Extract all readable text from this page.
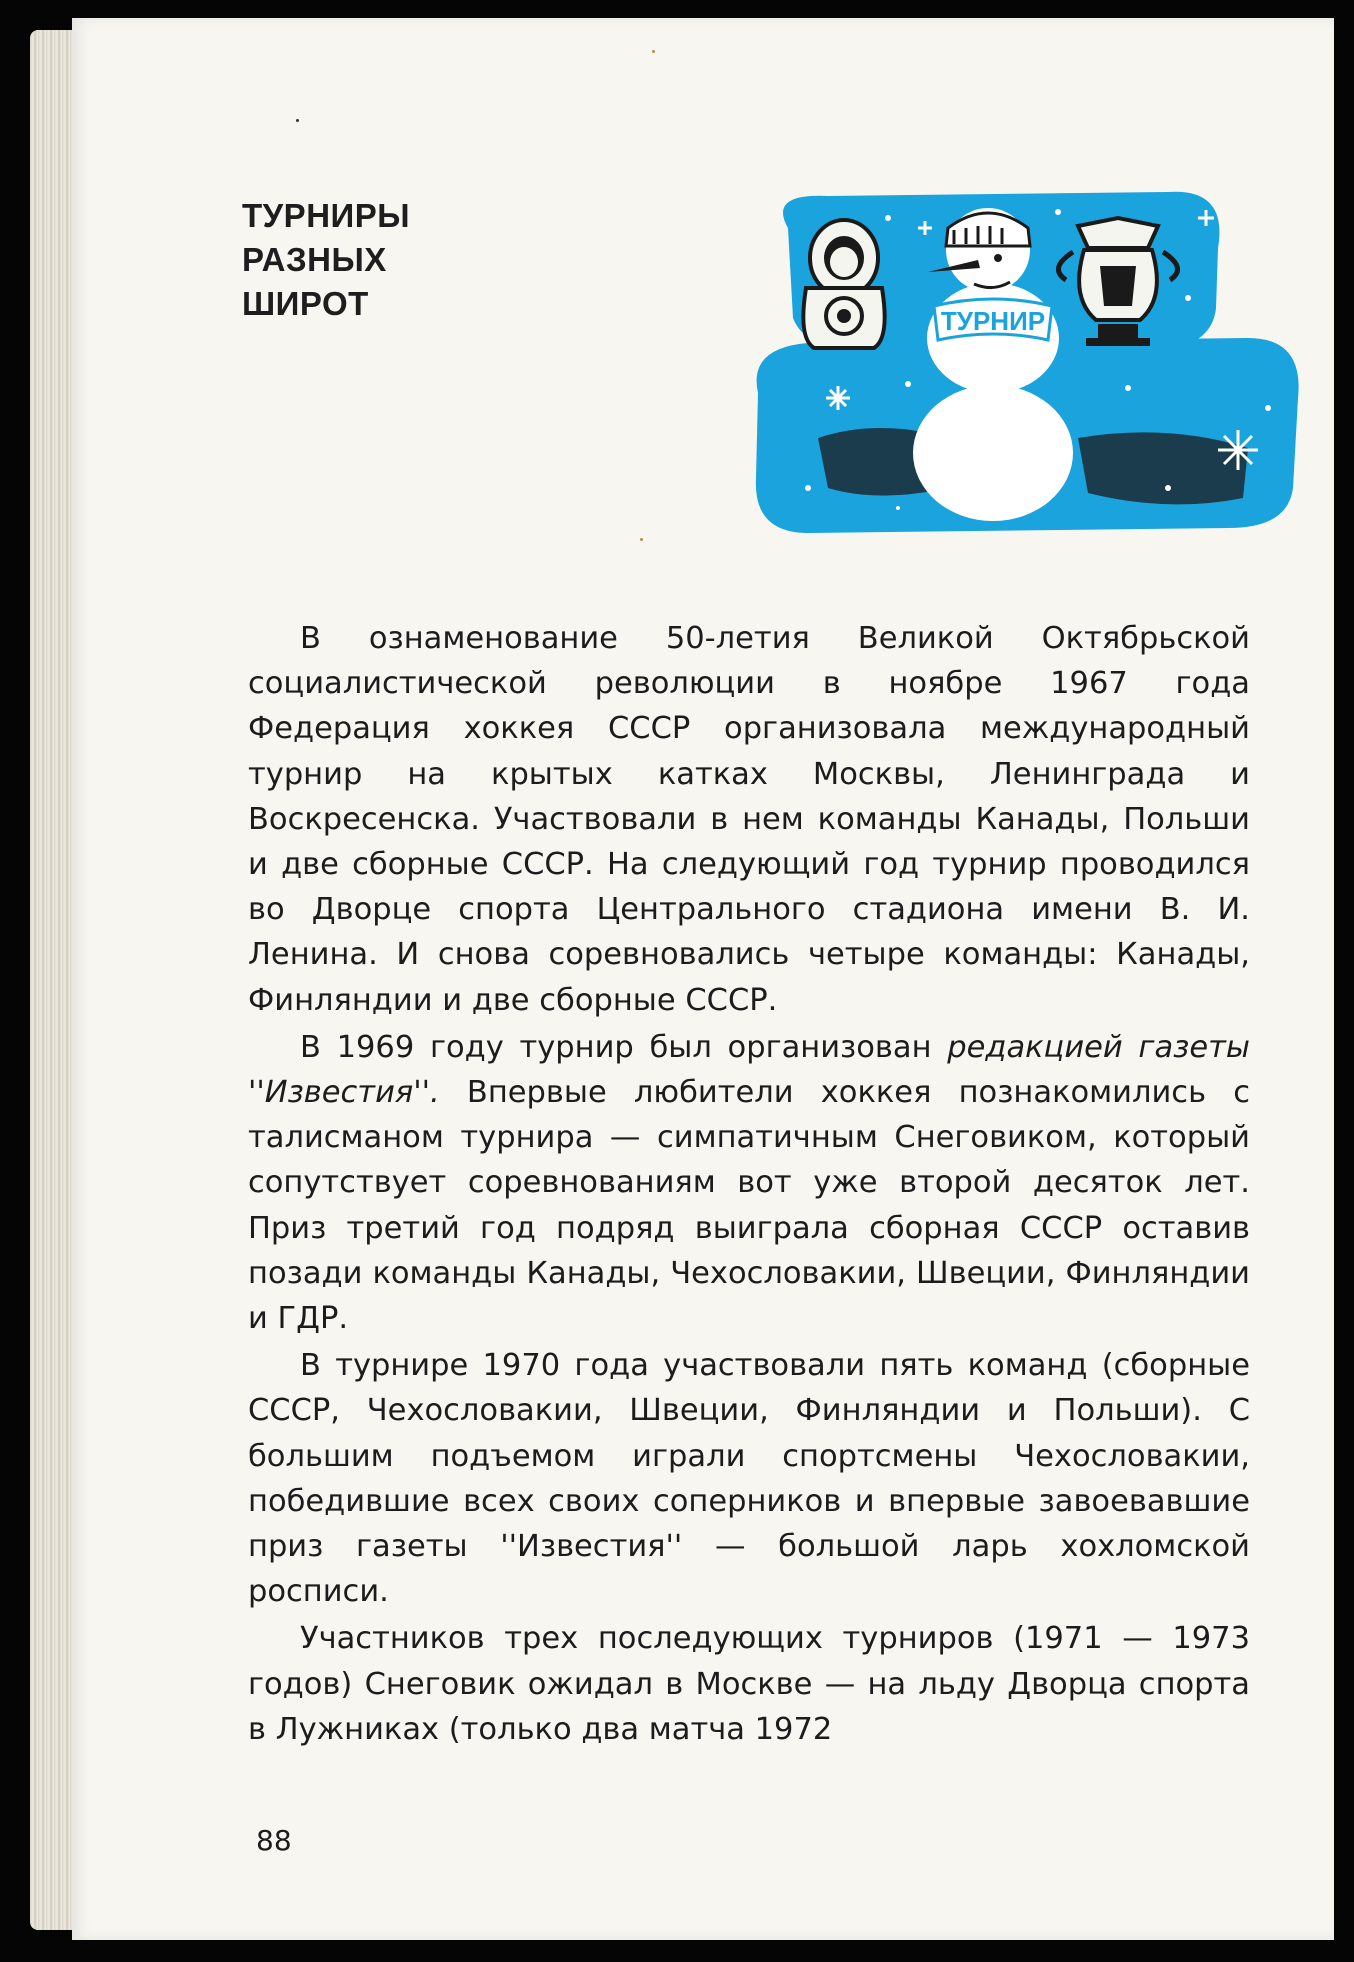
ТУРНИРЫ
РАЗНЫХ
ШИРОТ	ТУРНИР

В ознаменование 50-летия Великой Октябрьской социалистической революции в ноябре 1967 года Федерация хоккея СССР организовала международный турнир на крытых катках Москвы, Ленинграда и Воскресенска. Участвовали в нем команды Канады, Польши и две сборные СССР. На следующий год турнир проводился во Дворце спорта Центрального стадиона имени В. И. Ленина. И снова соревновались четыре команды: Канады, Финляндии и две сборные СССР.

В 1969 году турнир был организован редакцией газеты ''Известия''. Впервые любители хоккея познакомились с талисманом турнира — симпатичным Снеговиком, который сопутствует соревнованиям вот уже второй десяток лет. Приз третий год подряд выиграла сборная СССР оставив позади команды Канады, Чехословакии, Швеции, Финляндии и ГДР.

В турнире 1970 года участвовали пять команд (сборные СССР, Чехословакии, Швеции, Финляндии и Польши). С большим подъемом играли спортсмены Чехословакии, победившие всех своих соперников и впервые завоевавшие приз газеты ''Известия'' — большой ларь хохломской росписи.

Участников трех последующих турниров (1971 — 1973 годов) Снеговик ожидал в Москве — на льду Дворца спорта в Лужниках (только два матча 1972

88
